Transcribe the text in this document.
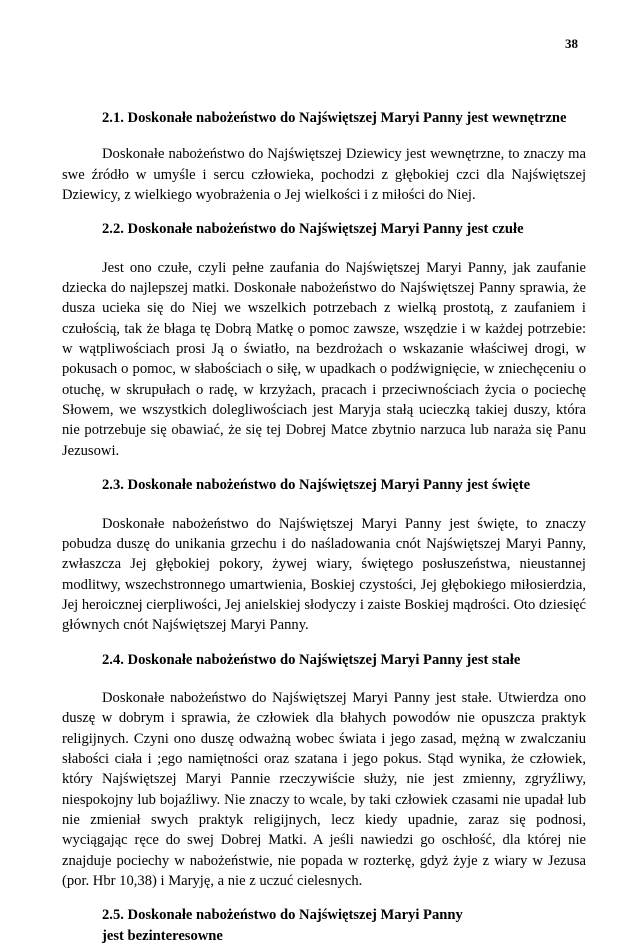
38
2.1. Doskonałe nabożeństwo do Najświętszej Maryi Panny jest wewnętrzne

Doskonałe nabożeństwo do Najświętszej Dziewicy jest wewnętrzne, to znaczy ma swe źródło w umyśle i sercu człowieka, pochodzi z głębokiej czci dla Najświętszej Dziewicy, z wielkiego wyobrażenia o Jej wielkości i z miłości do Niej.

2.2. Doskonałe nabożeństwo do Najświętszej Maryi Panny jest czułe

Jest ono czułe, czyli pełne zaufania do Najświętszej Maryi Panny, jak zaufanie dziecka do najlepszej matki. Doskonałe nabożeństwo do Najświętszej Panny sprawia, że dusza ucieka się do Niej we wszelkich potrzebach z wielką prostotą, z zaufaniem i czułością, tak że błaga tę Dobrą Matkę o pomoc zawsze, wszędzie i w każdej potrzebie: w wątpliwościach prosi Ją o światło, na bezdrożach o wskazanie właściwej drogi, w pokusach o pomoc, w słabościach o siłę, w upadkach o podźwignięcie, w zniechęceniu o otuchę, w skrupułach o radę, w krzyżach, pracach i przeciwnościach życia o pociechę Słowem, we wszystkich dolegliwościach jest Maryja stałą ucieczką takiej duszy, która nie potrzebuje się obawiać, że się tej Dobrej Matce zbytnio narzuca lub naraża się Panu Jezusowi.

2.3. Doskonałe nabożeństwo do Najświętszej Maryi Panny jest święte

Doskonałe nabożeństwo do Najświętszej Maryi Panny jest święte, to znaczy pobudza duszę do unikania grzechu i do naśladowania cnót Najświętszej Maryi Panny, zwłaszcza Jej głębokiej pokory, żywej wiary, świętego posłuszeństwa, nieustannej modlitwy, wszechstronnego umartwienia, Boskiej czystości, Jej głębokiego miłosierdzia, Jej heroicznej cierpliwości, Jej anielskiej słodyczy i zaiste Boskiej mądrości. Oto dziesięć głównych cnót Najświętszej Maryi Panny.

2.4. Doskonałe nabożeństwo do Najświętszej Maryi Panny jest stałe

Doskonałe nabożeństwo do Najświętszej Maryi Panny jest stałe. Utwierdza ono duszę w dobrym i sprawia, że człowiek dla błahych powodów nie opuszcza praktyk religijnych. Czyni ono duszę odważną wobec świata i jego zasad, mężną w zwalczaniu słabości ciała i ;ego namiętności oraz szatana i jego pokus. Stąd wynika, że człowiek, który Najświętszej Maryi Pannie rzeczywiście służy, nie jest zmienny, zgryźliwy, niespokojny lub bojaźliwy. Nie znaczy to wcale, by taki człowiek czasami nie upadał lub nie zmieniał swych praktyk religijnych, lecz kiedy upadnie, zaraz się podnosi, wyciągając ręce do swej Dobrej Matki. A jeśli nawiedzi go oschłość, dla której nie znajduje pociechy w nabożeństwie, nie popada w rozterkę, gdyż żyje z wiary w Jezusa (por. Hbr 10,38) i Maryję, a nie z uczuć cielesnych.

2.5. Doskonałe nabożeństwo do Najświętszej Maryi Panny
jest bezinteresowne
